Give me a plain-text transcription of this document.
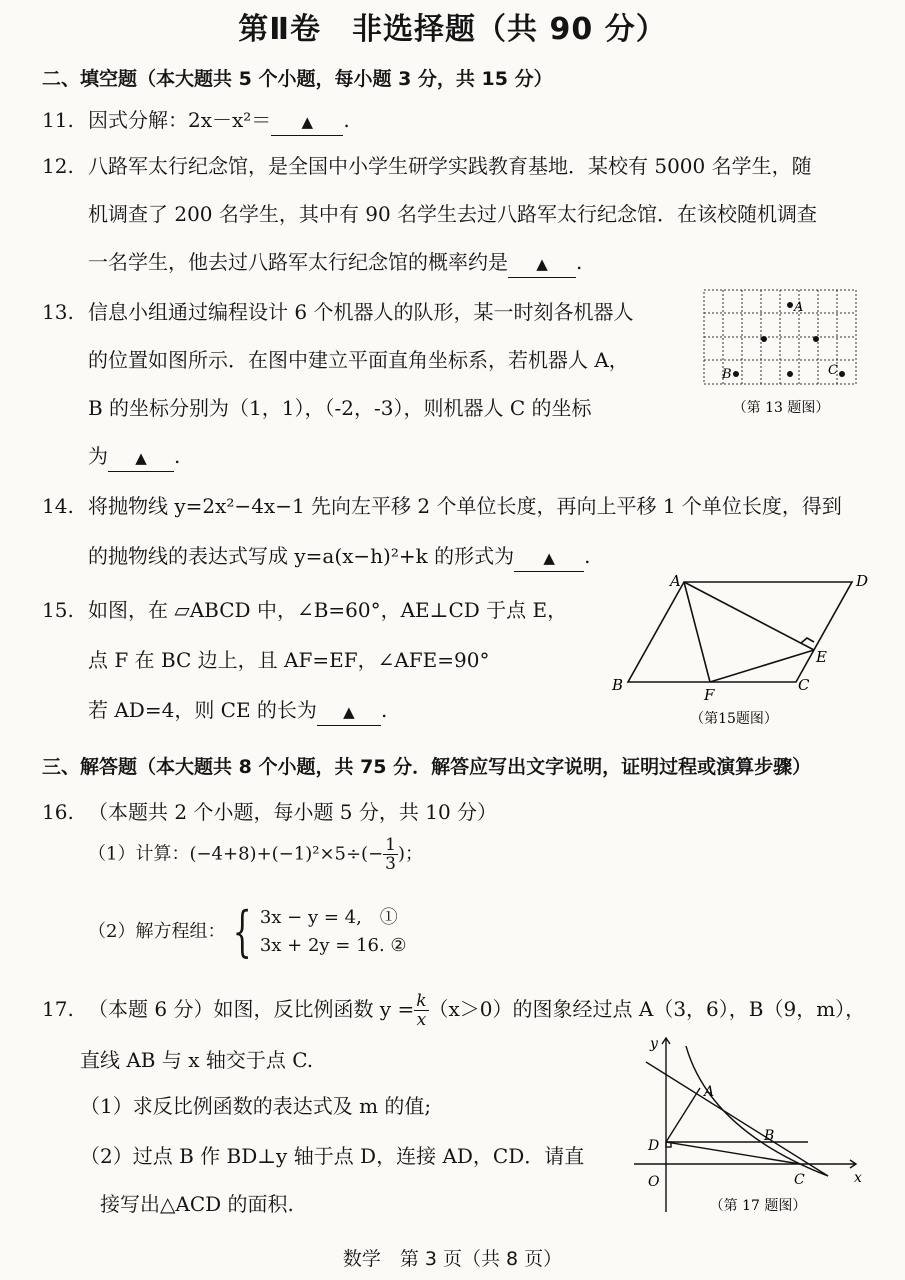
第Ⅱ卷　非选择题（共 90 分）
二、填空题（本大题共 5 个小题，每小题 3 分，共 15 分）
11. 因式分解：2x－x²＝ ▲ .
12. 八路军太行纪念馆，是全国中小学生研学实践教育基地．某校有 5000 名学生，随
机调查了 200 名学生，其中有 90 名学生去过八路军太行纪念馆．在该校随机调查
一名学生，他去过八路军太行纪念馆的概率约是 ▲ .
13. 信息小组通过编程设计 6 个机器人的队形，某一时刻各机器人
的位置如图所示．在图中建立平面直角坐标系，若机器人 A，
B 的坐标分别为（1，1），（-2，-3），则机器人 C 的坐标
为 ▲ .
A
B	C
（第 13 题图）
14. 将抛物线 y=2x²−4x−1 先向左平移 2 个单位长度，再向上平移 1 个单位长度，得到
的抛物线的表达式写成 y=a(x−h)²+k 的形式为 ▲ .
15. 如图，在 ▱ABCD 中，∠B=60°，AE⊥CD 于点 E，
点 F 在 BC 边上，且 AF=EF，∠AFE=90°
若 AD=4，则 CE 的长为 ▲ .
A	D
B	C
E
F
（第15题图）
三、解答题（本大题共 8 个小题，共 75 分．解答应写出文字说明，证明过程或演算步骤）
16. （本题共 2 个小题，每小题 5 分，共 10 分）
（1）计算：$(-4+8)+(-1)^2\times 5\div(- \frac{1}{3}$ )；
（2）解方程组： { 3x − y = 4,　①
3x + 2y = 16. ②
17. （本题 6 分）如图，反比例函数 $y = \frac{k}{x} (x>0)$的图象经过点 A（3，6），B（9，m），
直线 AB 与 x 轴交于点 C.
（1）求反比例函数的表达式及 m 的值;
（2）过点 B 作 BD⊥y 轴于点 D，连接 AD，CD．请直
接写出△ACD 的面积.
y
x
A
B
C
D
O
（第 17 题图）
数学　第 3 页（共 8 页）
